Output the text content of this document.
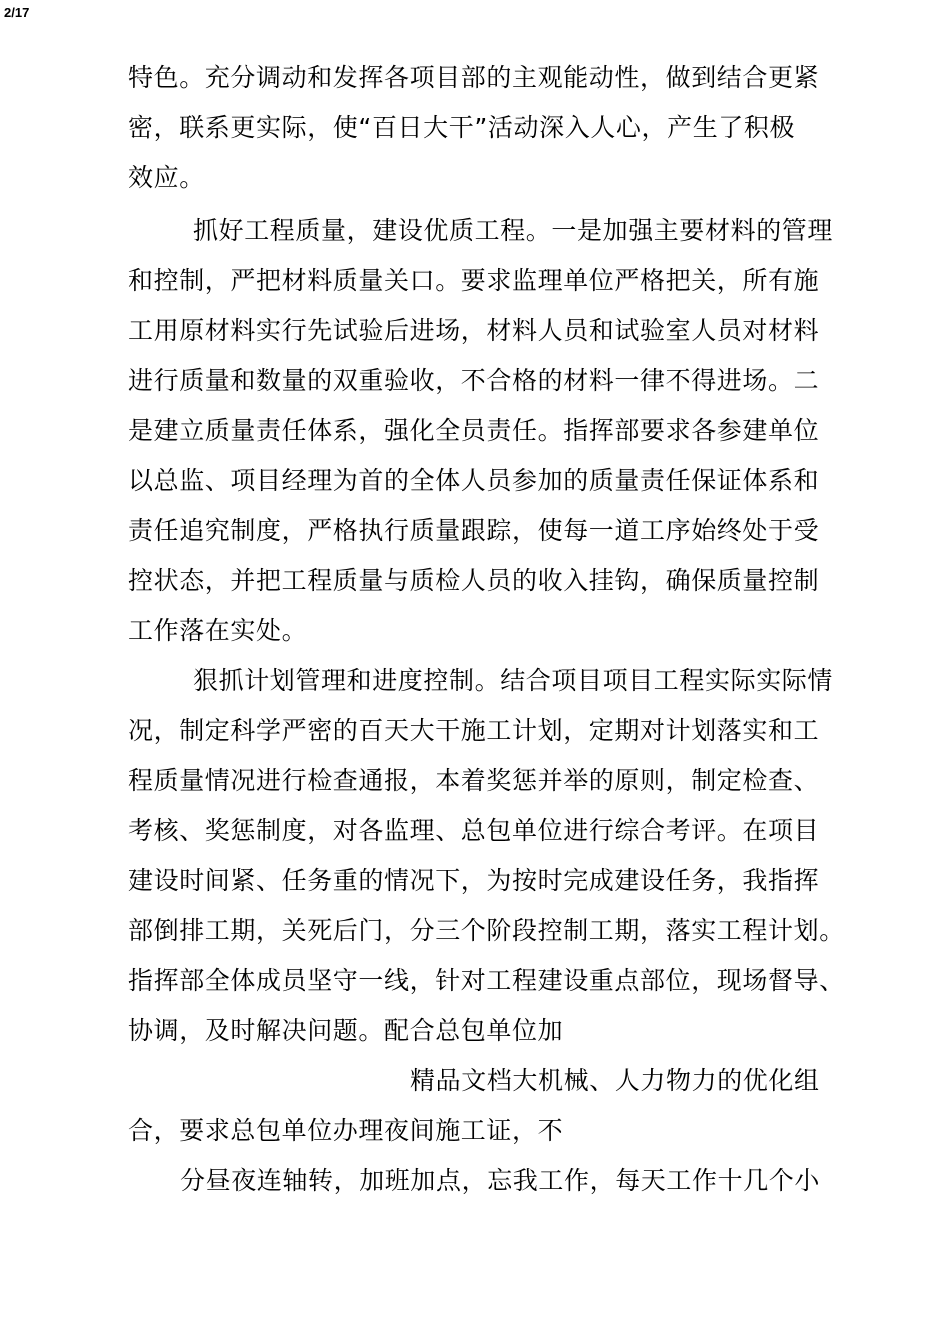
2/17
特色。充分调动和发挥各项目部的主观能动性，做到结合更紧
密，联系更实际，使“百日大干”活动深入人心，产生了积极
效应。
抓好工程质量，建设优质工程。一是加强主要材料的管理
和控制，严把材料质量关口。要求监理单位严格把关，所有施
工用原材料实行先试验后进场，材料人员和试验室人员对材料
进行质量和数量的双重验收，不合格的材料一律不得进场。二
是建立质量责任体系，强化全员责任。指挥部要求各参建单位
以总监、项目经理为首的全体人员参加的质量责任保证体系和
责任追究制度，严格执行质量跟踪，使每一道工序始终处于受
控状态，并把工程质量与质检人员的收入挂钩，确保质量控制
工作落在实处。
狠抓计划管理和进度控制。结合项目项目工程实际实际情
况，制定科学严密的百天大干施工计划，定期对计划落实和工
程质量情况进行检查通报，本着奖惩并举的原则，制定检查、
考核、奖惩制度，对各监理、总包单位进行综合考评。在项目
建设时间紧、任务重的情况下，为按时完成建设任务，我指挥
部倒排工期，关死后门，分三个阶段控制工期，落实工程计划。
指挥部全体成员坚守一线，针对工程建设重点部位，现场督导、
协调，及时解决问题。配合总包单位加
精品文档大机械、人力物力的优化组
合，要求总包单位办理夜间施工证，不
分昼夜连轴转，加班加点，忘我工作，每天工作十几个小
